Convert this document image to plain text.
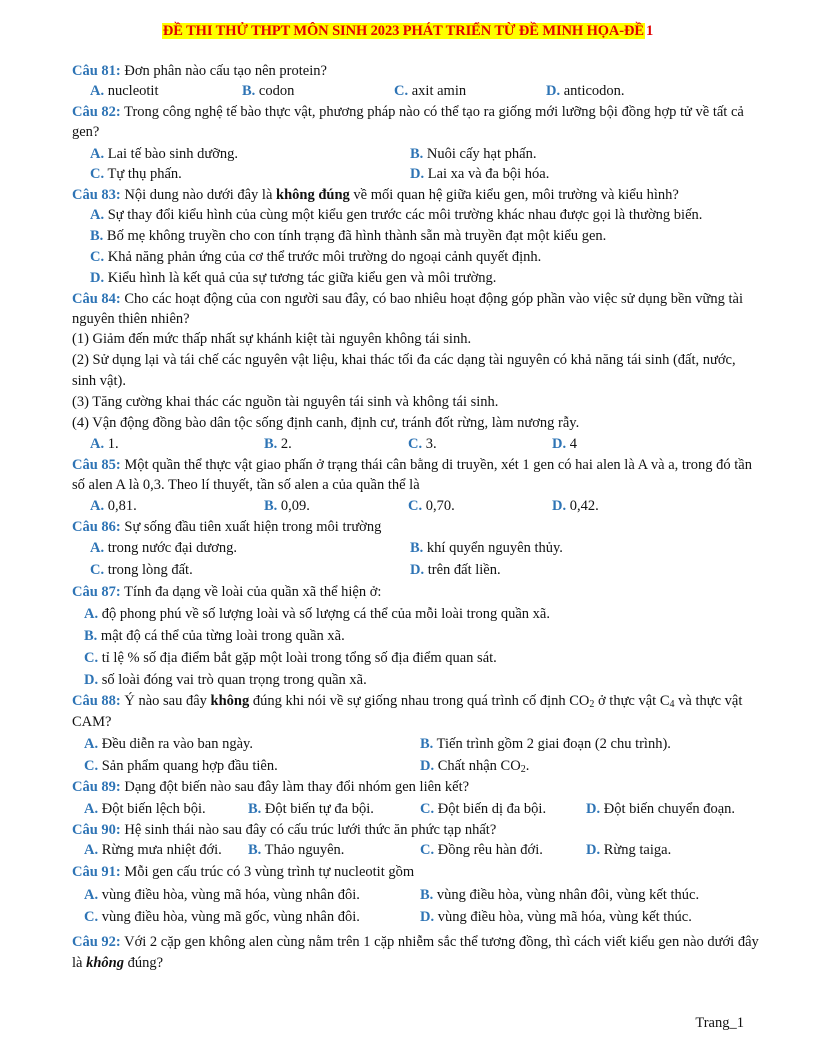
ĐỀ THI THỬ THPT MÔN SINH 2023 PHÁT TRIỂN TỪ ĐỀ MINH HỌA-ĐỀ 1

Câu 81: Đơn phân nào cấu tạo nên protein?

A. nucleotit	B. codon	C. axit amin	D. anticodon.

Câu 82: Trong công nghệ tế bào thực vật, phương pháp nào có thể tạo ra giống mới lưỡng bội đồng hợp tử về tất cả gen?

A. Lai tế bào sinh dưỡng.	B. Nuôi cấy hạt phấn.
C. Tự thụ phấn.	D. Lai xa và đa bội hóa.

Câu 83: Nội dung nào dưới đây là không đúng về mối quan hệ giữa kiểu gen, môi trường và kiểu hình?

A. Sự thay đổi kiểu hình của cùng một kiểu gen trước các môi trường khác nhau được gọi là thường biến.
B. Bố mẹ không truyền cho con tính trạng đã hình thành sẵn mà truyền đạt một kiểu gen.
C. Khả năng phản ứng của cơ thể trước môi trường do ngoại cảnh quyết định.
D. Kiểu hình là kết quả của sự tương tác giữa kiểu gen và môi trường.

Câu 84: Cho các hoạt động của con người sau đây, có bao nhiêu hoạt động góp phần vào việc sử dụng bền vững tài nguyên thiên nhiên?

(1) Giảm đến mức thấp nhất sự khánh kiệt tài nguyên không tái sinh.
(2) Sử dụng lại và tái chế các nguyên vật liệu, khai thác tối đa các dạng tài nguyên có khả năng tái sinh (đất, nước, sinh vật).
(3) Tăng cường khai thác các nguồn tài nguyên tái sinh và không tái sinh.
(4) Vận động đồng bào dân tộc sống định canh, định cư, tránh đốt rừng, làm nương rẫy.
A. 1.	B. 2.	C. 3.	D. 4

Câu 85: Một quần thể thực vật giao phấn ở trạng thái cân bằng di truyền, xét 1 gen có hai alen là A và a, trong đó tần số alen A là 0,3. Theo lí thuyết, tần số alen a của quần thể là

A. 0,81.	B. 0,09.	C. 0,70.	D. 0,42.

Câu 86: Sự sống đầu tiên xuất hiện trong môi trường

A. trong nước đại dương.	B. khí quyển nguyên thủy.
C. trong lòng đất.	D. trên đất liền.

Câu 87: Tính đa dạng về loài của quần xã thể hiện ở:

A. độ phong phú về số lượng loài và số lượng cá thể của mỗi loài trong quần xã.
B. mật độ cá thể của từng loài trong quần xã.
C. tỉ lệ % số địa điểm bắt gặp một loài trong tổng số địa điểm quan sát.
D. số loài đóng vai trò quan trọng trong quần xã.

Câu 88: Ý nào sau đây không đúng khi nói về sự giống nhau trong quá trình cố định $CO_2$ ở thực vật $C_4$ và thực vật CAM?

A. Đều diễn ra vào ban ngày.	B. Tiến trình gồm 2 giai đoạn (2 chu trình).
C. Sản phẩm quang hợp đầu tiên.	D. Chất nhận $CO_2$.

Câu 89: Dạng đột biến nào sau đây làm thay đổi nhóm gen liên kết?

A. Đột biến lệch bội.	B. Đột biến tự đa bội.	C. Đột biến dị đa bội.	D. Đột biến chuyển đoạn.

Câu 90: Hệ sinh thái nào sau đây có cấu trúc lưới thức ăn phức tạp nhất?

A. Rừng mưa nhiệt đới.	B. Thảo nguyên.	C. Đồng rêu hàn đới.	D. Rừng taiga.

Câu 91: Mỗi gen cấu trúc có 3 vùng trình tự nucleotit gồm

A. vùng điều hòa, vùng mã hóa, vùng nhân đôi.	B. vùng điều hòa, vùng nhân đôi, vùng kết thúc.
C. vùng điều hòa, vùng mã gốc, vùng nhân đôi.	D. vùng điều hòa, vùng mã hóa, vùng kết thúc.

Câu 92: Với 2 cặp gen không alen cùng nằm trên 1 cặp nhiễm sắc thể tương đồng, thì cách viết kiểu gen nào dưới đây là không đúng?

Trang_1
